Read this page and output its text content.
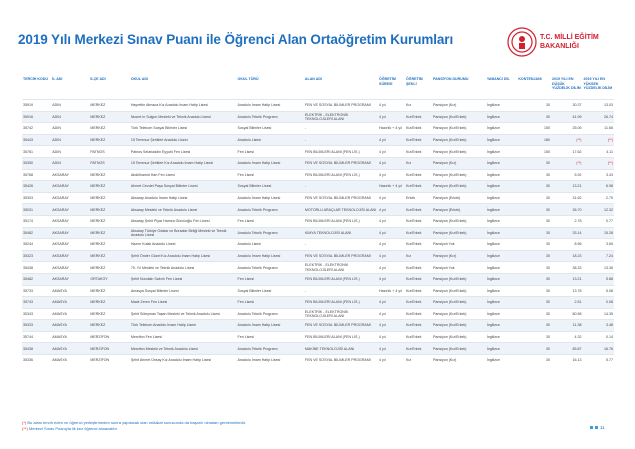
2019 Yılı Merkezi Sınav Puanı ile Öğrenci Alan Ortaöğretim Kurumları	T.C. MİLLİ EĞİTİM
BAKANLIĞI
TERCİH KODU	İL ADI	İLÇE ADI	OKUL ADI	OKUL TÜRÜ	ALAN ADI	ÖĞRETİM SÜRESİ	ÖĞRETİM ŞEKLİ	PANSİYON DURUMU	YABANCI DİL	KONTENJANI	2019 YILI EN DÜŞÜK YÜZDELİK DİLİM	2019 YILI EN YÜKSEK YÜZDELİK DİLİM
35919	ADIN	MERKEZ	Hayrettin Atmaca Kız Anadolu İmam Hatip Lisesi	Anadolu İmam Hatip Lisesi	FEN VE SOSYAL BİLİMLER PROGRAMI	4 yıl	Kız	Pansiyon (Kız)	İngilizce	30	30.37	13.03
35916	ADIN	MERKEZ	Nusret in Sulgun Mesleki ve Teknik Anadolu Lisesi	Anadolu Teknik Programı	ELEKTRİK - ELEKTRONİK TEKNOLOJİLERİ ALANI	4 yıl	Kız/Erkek	Pansiyon (Kız/Erkek)	İngilizce	30	41.99	26.74
35742	ADIN	MERKEZ	Türk Telekom Sosyal Bilimler Lisesi	Sosyal Bilimler Lisesi	-	Hazırlık + 4 yıl	Kız/Erkek	Pansiyon (Kız/Erkek)	İngilizce	150	25.05	11.66
35443	ADIN	MERKEZ	15 Temmuz Şehitleri Anadolu Lisesi	Anadolu Lisesi	-	4 yıl	Kız/Erkek	Pansiyon (Kız/Erkek)	İngilizce	180	(**)	(**)
35761	ADIN	PATNOS	Patnos Selahaddin Eyyubi Fen Lisesi	Fen Lisesi	FEN BİLİMLERİ ALANI (FEN LİS.)	4 yıl	Kız/Erkek	Pansiyon (Kız/Erkek)	İngilizce	150	17.62	4.11
35350	ADIN	PATNOS	15 Temmuz Şehitleri Kız Anadolu İmam Hatip Lisesi	Anadolu İmam Hatip Lisesi	FEN VE SOSYAL BİLİMLER PROGRAMI	4 yıl	Kız	Pansiyon (Kız)	İngilizce	30	(**)	(**)
35768	AKSARAY	MERKEZ	Abdülhamid Han Fen Lisesi	Fen Lisesi	FEN BİLİMLERİ ALANI (FEN LİS.)	4 yıl	Kız/Erkek	Pansiyon (Kız/Erkek)	İngilizce	30	5.92	3.43
35426	AKSARAY	MERKEZ	Ahmet Cevdet Paşa Sosyal Bilimler Lisesi	Sosyal Bilimler Lisesi	-	Hazırlık + 4 yıl	Kız/Erkek	Pansiyon (Kız/Erkek)	İngilizce	30	13.21	6.98
35303	AKSARAY	MERKEZ	Aksaray Anadolu İmam Hatip Lisesi	Anadolu İmam Hatip Lisesi	FEN VE SOSYAL BİLİMLER PROGRAMI	4 yıl	Erkek	Pansiyon (Erkek)	İngilizce	30	31.62	2.75
35031	AKSARAY	MERKEZ	Aksaray Mesleki ve Teknik Anadolu Lisesi	Anadolu Teknik Programı	MOTORLU ARAÇLAR TEKNOLOJİSİ ALANI	4 yıl	Kız/Erkek	Pansiyon (Erkek)	İngilizce	30	26.70	12.32
35174	AKSARAY	MERKEZ	Aksaray Şehit Piyar Hamza Gürcüoğlu Fen Lisesi	Fen Lisesi	FEN BİLİMLERİ ALANI (FEN LİS.)	4 yıl	Kız/Erkek	Pansiyon (Kız/Erkek)	İngilizce	30	2.78	0.77
35482	AKSARAY	MERKEZ	Aksaray Türkiye Odalar ve Borsalar Birliği Mesleki ve Teknik Anadolu Lisesi	Anadolu Teknik Programı	KİMYA TEKNOLOJİSİ ALANI	4 yıl	Kız/Erkek	Pansiyon (Kız/Erkek)	İngilizce	30	33.14	15.28
35244	AKSARAY	MERKEZ	Hazım Kulak Anadolu Lisesi	Anadolu Lisesi	-	4 yıl	Kız/Erkek	Pansiyon Yok	İngilizce	30	8.56	3.65
35323	AKSARAY	MERKEZ	Şehit Önder Güzel Kız Anadolu İmam Hatip Lisesi	Anadolu İmam Hatip Lisesi	FEN VE SOSYAL BİLİMLER PROGRAMI	4 yıl	Kız	Pansiyon (Kız)	İngilizce	30	18.23	7.24
35438	AKSARAY	MERKEZ	75. Yıl Mesleki ve Teknik Anadolu Lisesi	Anadolu Teknik Programı	ELEKTRİK - ELEKTRONİK TEKNOLOJİLERİ ALANI	4 yıl	Kız/Erkek	Pansiyon Yok	İngilizce	30	38.33	13.36
35482	AKSARAY	ORTAKÖY	Şehit Nurullah Sabırlı Fen Lisesi	Fen Lisesi	FEN BİLİMLERİ ALANI (FEN LİS.)	4 yıl	Kız/Erkek	Pansiyon (Kız/Erkek)	İngilizce	30	13.21	5.88
35733	AMASYA	MERKEZ	Amasya Sosyal Bilimler Lisesi	Sosyal Bilimler Lisesi	-	Hazırlık + 4 yıl	Kız/Erkek	Pansiyon (Kız/Erkek)	İngilizce	30	13.78	5.08
35743	AMASYA	MERKEZ	Macit Zeren Fen Lisesi	Fen Lisesi	FEN BİLİMLERİ ALANI (FEN LİS.)	4 yıl	Kız/Erkek	Pansiyon (Kız/Erkek)	İngilizce	30	2.51	0.08
35343	AMASYA	MERKEZ	Şehit Süleyman Taşan Mesleki ve Teknik Anadolu Lisesi	Anadolu Teknik Programı	ELEKTRİK - ELEKTRONİK TEKNOLOJİLERİ ALANI	4 yıl	Kız/Erkek	Pansiyon (Kız/Erkek)	İngilizce	30	80.58	14.35
35333	AMASYA	MERKEZ	Türk Telekom Anadolu İmam Hatip Lisesi	Anadolu İmam Hatip Lisesi	FEN VE SOSYAL BİLİMLER PROGRAMI	4 yıl	Kız/Erkek	Pansiyon (Kız/Erkek)	İngilizce	30	11.38	3.48
35744	AMASYA	MERZİFON	Merzifon Fen Lisesi	Fen Lisesi	FEN BİLİMLERİ ALANI (FEN LİS.)	4 yıl	Kız/Erkek	Pansiyon (Kız/Erkek)	İngilizce	30	4.32	0.14
35438	AMASYA	MERZİFON	Merzifon Mesleki ve Teknik Anadolu Lisesi	Anadolu Teknik Programı	MAKİNE TEKNOLOJİSİ ALANI	4 yıl	Kız/Erkek	Pansiyon (Kız/Erkek)	İngilizce	30	85.87	16.76
35336	AMASYA	MERZİFON	Şehit Ahmet Ünsay Kız Anadolu İmam Hatip Lisesi	Anadolu İmam Hatip Lisesi	FEN VE SOSYAL BİLİMLER PROGRAMI	4 yıl	Kız	Pansiyon (Kız)	İngilizce	30	16.13	5.77
(*) Bu alanı tercih eden ve öğrenci yerleştirmeden sonra yapılacak olan mülakat sonucunda da başarılı olmaları gerekmektedir.
(**) Merkezi Sınav Puanıyla ilk kez öğrenci alınacaktır.	11
